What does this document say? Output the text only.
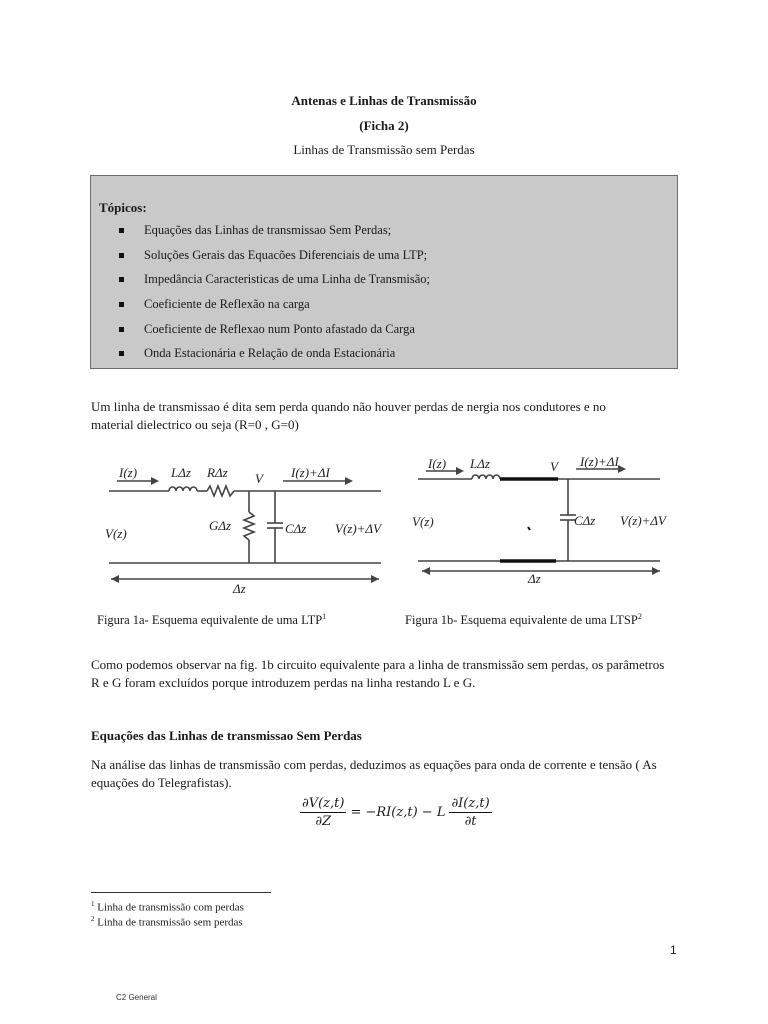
Antenas e Linhas de Transmissão
(Ficha 2)
Linhas de Transmissão sem Perdas
Tópicos:
Equações das Linhas de transmissao Sem Perdas;
Soluções Gerais das Equacões Diferenciais de uma LTP;
Impedância Caracteristicas de uma Linha de Transmisão;
Coeficiente de Reflexão na carga
Coeficiente de Reflexao num Ponto afastado da Carga
Onda Estacionária e Relação de onda Estacionária
Um linha de transmissao é dita sem perda quando não houver perdas de nergia nos condutores e no
material dielectrico ou seja (R=0 , G=0)
I(z)	LΔz RΔz V I(z)+ΔI
V(z)
GΔz	CΔz V(z)+ΔV
Δz
I(z) LΔz	V I(z)+ΔI
V(z)	CΔz V(z)+ΔV
Δz
Figura 1a- Esquema equivalente de uma LTP$^1$	Figura 1b- Esquema equivalente de uma LTSP$^2$
Como podemos observar na fig. 1b circuito equivalente para a linha de transmissão sem perdas, os parâmetros
R e G foram excluídos porque introduzem perdas na linha restando L e G.
Equações das Linhas de transmissao Sem Perdas
Na análise das linhas de transmissão com perdas, deduzimos as equações para onda de corrente e tensão ( As
equações do Telegrafistas).
$\frac{\partial V(z,t)}{\partial Z} = -RI(z,t) - L \frac{\partial I(z,t)}{\partial t}$
$^1$ Linha de transmissão com perdas
$^2$ Linha de transmissão sem perdas
1
C2 General
